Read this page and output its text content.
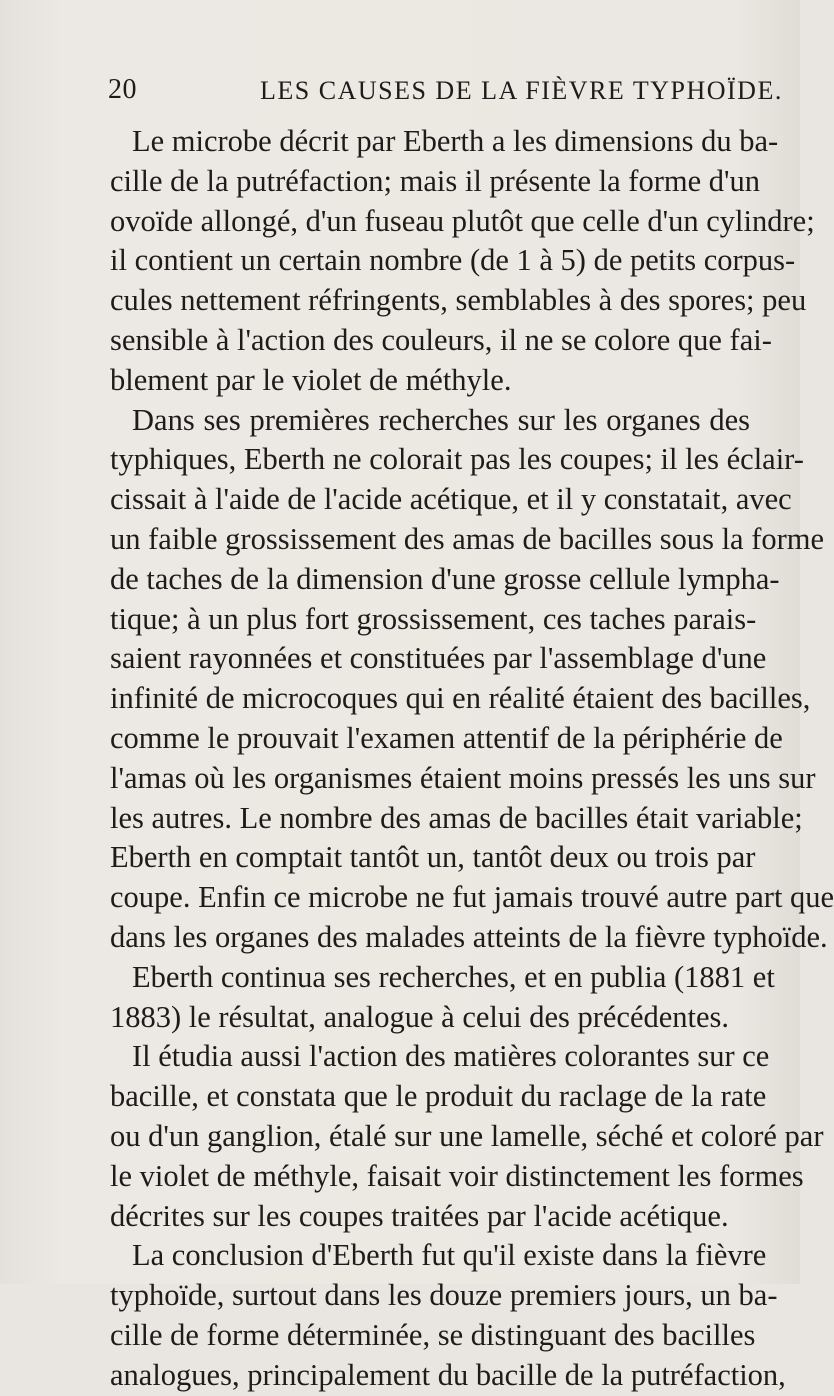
20	LES CAUSES DE LA FIÈVRE TYPHOÏDE.
Le microbe décrit par Eberth a les dimensions du ba-
cille de la putréfaction; mais il présente la forme d'un
ovoïde allongé, d'un fuseau plutôt que celle d'un cylindre;
il contient un certain nombre (de 1 à 5) de petits corpus-
cules nettement réfringents, semblables à des spores; peu
sensible à l'action des couleurs, il ne se colore que fai-
blement par le violet de méthyle.
Dans ses premières recherches sur les organes des
typhiques, Eberth ne colorait pas les coupes; il les éclair-
cissait à l'aide de l'acide acétique, et il y constatait, avec
un faible grossissement des amas de bacilles sous la forme
de taches de la dimension d'une grosse cellule lympha-
tique; à un plus fort grossissement, ces taches parais-
saient rayonnées et constituées par l'assemblage d'une
infinité de microcoques qui en réalité étaient des bacilles,
comme le prouvait l'examen attentif de la périphérie de
l'amas où les organismes étaient moins pressés les uns sur
les autres. Le nombre des amas de bacilles était variable;
Eberth en comptait tantôt un, tantôt deux ou trois par
coupe. Enfin ce microbe ne fut jamais trouvé autre part que
dans les organes des malades atteints de la fièvre typhoïde.
Eberth continua ses recherches, et en publia (1881 et
1883) le résultat, analogue à celui des précédentes.
Il étudia aussi l'action des matières colorantes sur ce
bacille, et constata que le produit du raclage de la rate
ou d'un ganglion, étalé sur une lamelle, séché et coloré par
le violet de méthyle, faisait voir distinctement les formes
décrites sur les coupes traitées par l'acide acétique.
La conclusion d'Eberth fut qu'il existe dans la fièvre
typhoïde, surtout dans les douze premiers jours, un ba-
cille de forme déterminée, se distinguant des bacilles
analogues, principalement du bacille de la putréfaction,
